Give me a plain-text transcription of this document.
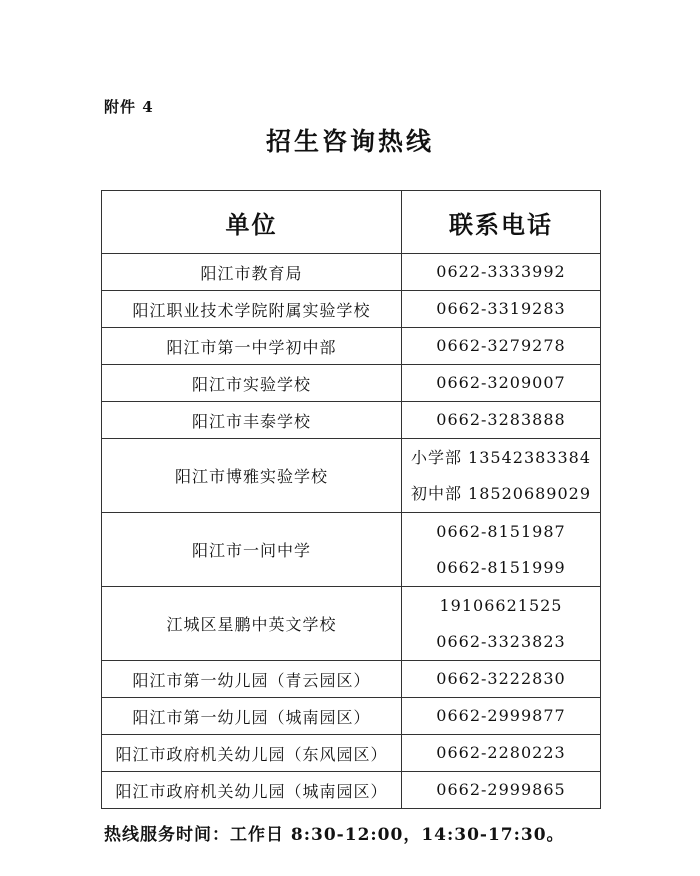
附件 4
招生咨询热线
单位	联系电话
阳江市教育局	0622-3333992

阳江职业技术学院附属实验学校	0662-3319283

阳江市第一中学初中部	0662-3279278

阳江市实验学校	0662-3209007

阳江市丰泰学校	0662-3283888

阳江市博雅实验学校	小学部 13542383384
初中部 18520689029

阳江市一问中学	0662-8151987
0662-8151999

江城区星鹏中英文学校	19106621525
0662-3323823

阳江市第一幼儿园（青云园区）	0662-3222830

阳江市第一幼儿园（城南园区）	0662-2999877

阳江市政府机关幼儿园（东风园区）	0662-2280223

阳江市政府机关幼儿园（城南园区）	0662-2999865
热线服务时间：工作日 8:30-12:00，14:30-17:30。
